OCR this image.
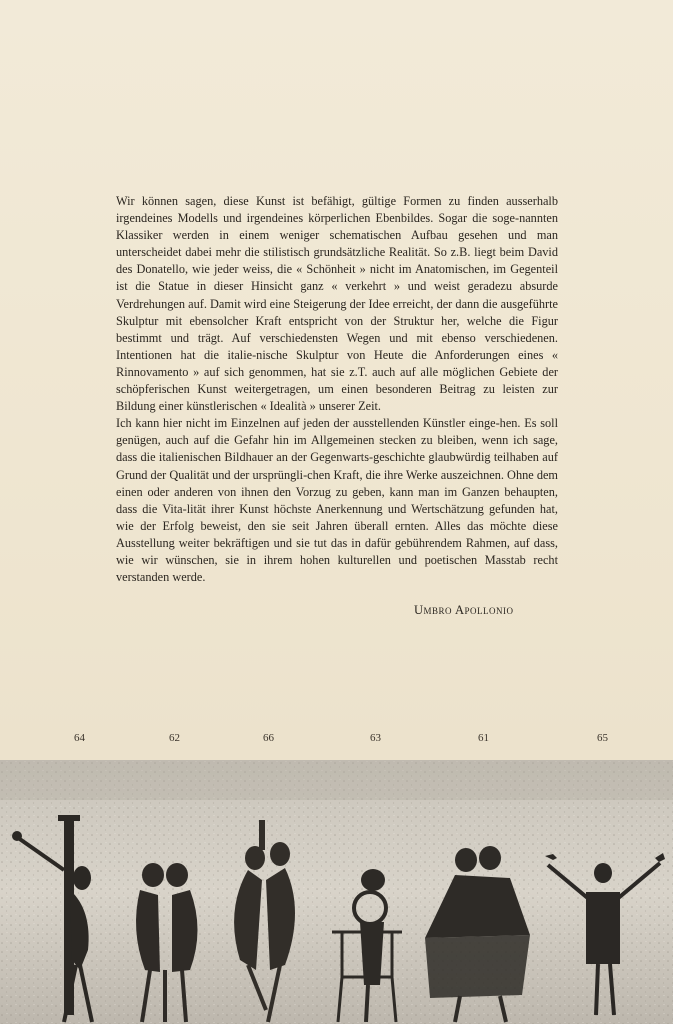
Wir können sagen, diese Kunst ist befähigt, gültige Formen zu finden ausserhalb irgendeines Modells und irgendeines körperlichen Ebenbildes. Sogar die soge-nannten Klassiker werden in einem weniger schematischen Aufbau gesehen und man unterscheidet dabei mehr die stilistisch grundsätzliche Realität. So z.B. liegt beim David des Donatello, wie jeder weiss, die « Schönheit » nicht im Anatomischen, im Gegenteil ist die Statue in dieser Hinsicht ganz « verkehrt » und weist geradezu absurde Verdrehungen auf. Damit wird eine Steigerung der Idee erreicht, der dann die ausgeführte Skulptur mit ebensolcher Kraft entspricht von der Struktur her, welche die Figur bestimmt und trägt. Auf verschiedensten Wegen und mit ebenso verschiedenen. Intentionen hat die italie-nische Skulptur von Heute die Anforderungen eines « Rinnovamento » auf sich genommen, hat sie z.T. auch auf alle möglichen Gebiete der schöpferischen Kunst weitergetragen, um einen besonderen Beitrag zu leisten zur Bildung einer künstlerischen « Idealità » unserer Zeit.

Ich kann hier nicht im Einzelnen auf jeden der ausstellenden Künstler einge-hen. Es soll genügen, auch auf die Gefahr hin im Allgemeinen stecken zu bleiben, wenn ich sage, dass die italienischen Bildhauer an der Gegenwarts-geschichte glaubwürdig teilhaben auf Grund der Qualität und der ursprüngli-chen Kraft, die ihre Werke auszeichnen. Ohne dem einen oder anderen von ihnen den Vorzug zu geben, kann man im Ganzen behaupten, dass die Vita-lität ihrer Kunst höchste Anerkennung und Wertschätzung gefunden hat, wie der Erfolg beweist, den sie seit Jahren überall ernten. Alles das möchte diese Ausstellung weiter bekräftigen und sie tut das in dafür gebührendem Rahmen, auf dass, wie wir wünschen, sie in ihrem hohen kulturellen und poetischen Masstab recht verstanden werde.

Umbro Apollonio
64	62	66	63	61	65
